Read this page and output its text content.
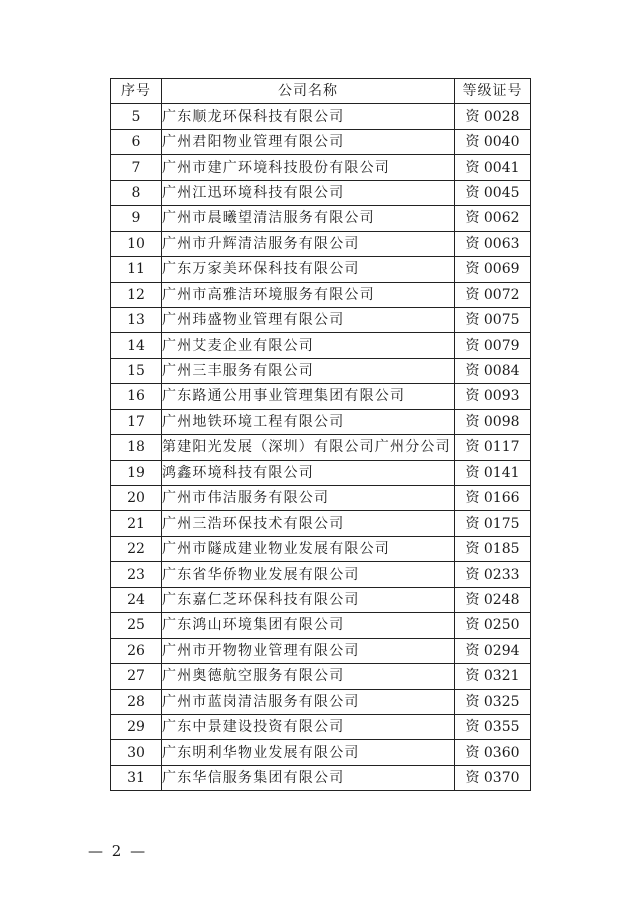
序号	公司名称	等级证号
5	广东顺龙环保科技有限公司	资 0028
6	广州君阳物业管理有限公司	资 0040
7	广州市建广环境科技股份有限公司	资 0041
8	广州江迅环境科技有限公司	资 0045
9	广州市晨曦望清洁服务有限公司	资 0062
10	广州市升辉清洁服务有限公司	资 0063
11	广东万家美环保科技有限公司	资 0069
12	广州市高雅洁环境服务有限公司	资 0072
13	广州玮盛物业管理有限公司	资 0075
14	广州艾麦企业有限公司	资 0079
15	广州三丰服务有限公司	资 0084
16	广东路通公用事业管理集团有限公司	资 0093
17	广州地铁环境工程有限公司	资 0098
18	第建阳光发展（深圳）有限公司广州分公司	资 0117
19	鸿鑫环境科技有限公司	资 0141
20	广州市伟洁服务有限公司	资 0166
21	广州三浩环保技术有限公司	资 0175
22	广州市隧成建业物业发展有限公司	资 0185
23	广东省华侨物业发展有限公司	资 0233
24	广东嘉仁芝环保科技有限公司	资 0248
25	广东鸿山环境集团有限公司	资 0250
26	广州市开物物业管理有限公司	资 0294
27	广州奥德航空服务有限公司	资 0321
28	广州市蓝岗清洁服务有限公司	资 0325
29	广东中景建设投资有限公司	资 0355
30	广东明利华物业发展有限公司	资 0360
31	广东华信服务集团有限公司	资 0370
— 2 —
